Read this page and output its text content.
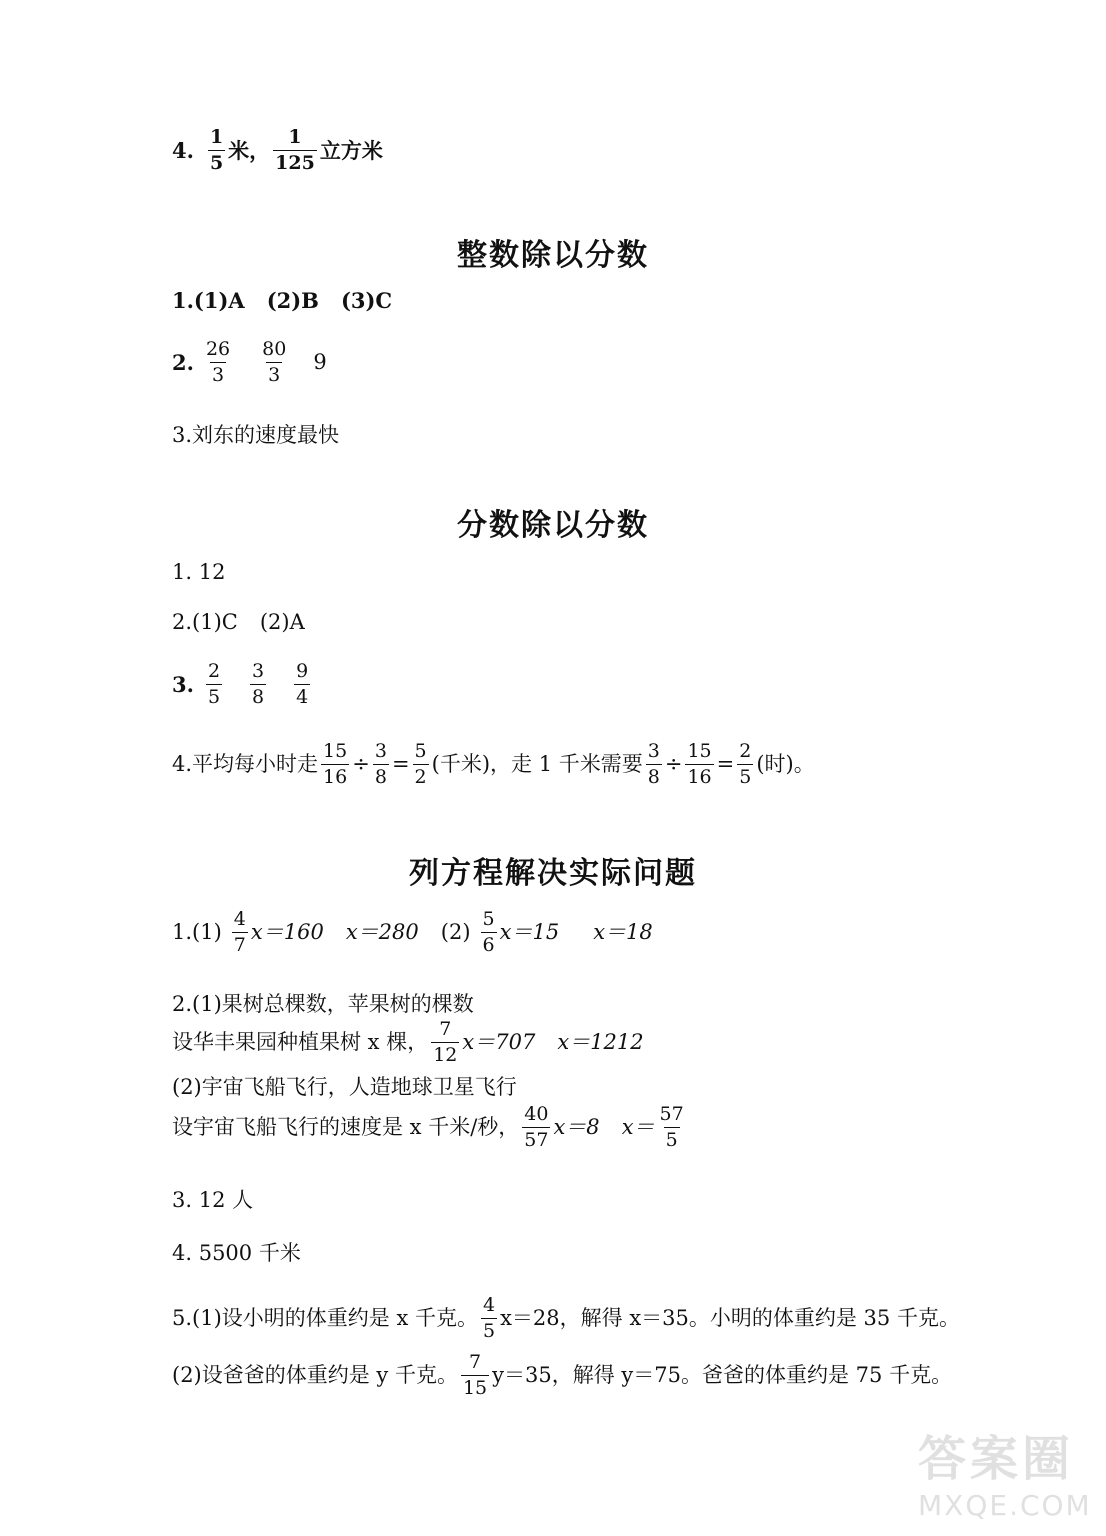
4. $\frac{1}{5}$ 米， $\frac{1}{125}$ 立方米
整数除以分数
1.(1)A (2)B (3)C
2. $\frac{26}{3} \frac{80}{3} 9$
3.刘东的速度最快
分数除以分数
1. 12
2.(1)C (2)A
3. $\frac{2}{5} \frac{3}{8} \frac{9}{4}$
4.平均每小时走 $\frac{15}{16} \div \frac{3}{8} = \frac{5}{2}$ (千米)，走 1 千米需要 $\frac{3}{8} \div \frac{15}{16} = \frac{2}{5}$ (时)。
列方程解决实际问题
$1.(1) \frac{4}{7} x=160$ x＝280 $(2) \frac{5}{6} x=15$ x＝18
2.(1)果树总棵数，苹果树的棵数
设华丰果园种植果树 x 棵， $\frac{7}{12} x=707$ x＝1212
(2)宇宙飞船飞行，人造地球卫星飞行
设宇宙飞船飞行的速度是 x 千米/秒， $\frac{40}{57} x=8$ $x= \frac{57}{5}$
3. 12 人
4. 5500 千米
5.(1)设小明的体重约是 x 千克。 $\frac{4}{5} x=28$，解得 x＝35。小明的体重约是 35 千克。
(2)设爸爸的体重约是 y 千克。 $\frac{7}{15} y=35$，解得 y＝75。爸爸的体重约是 75 千克。
答案圈
MXQE.COM
